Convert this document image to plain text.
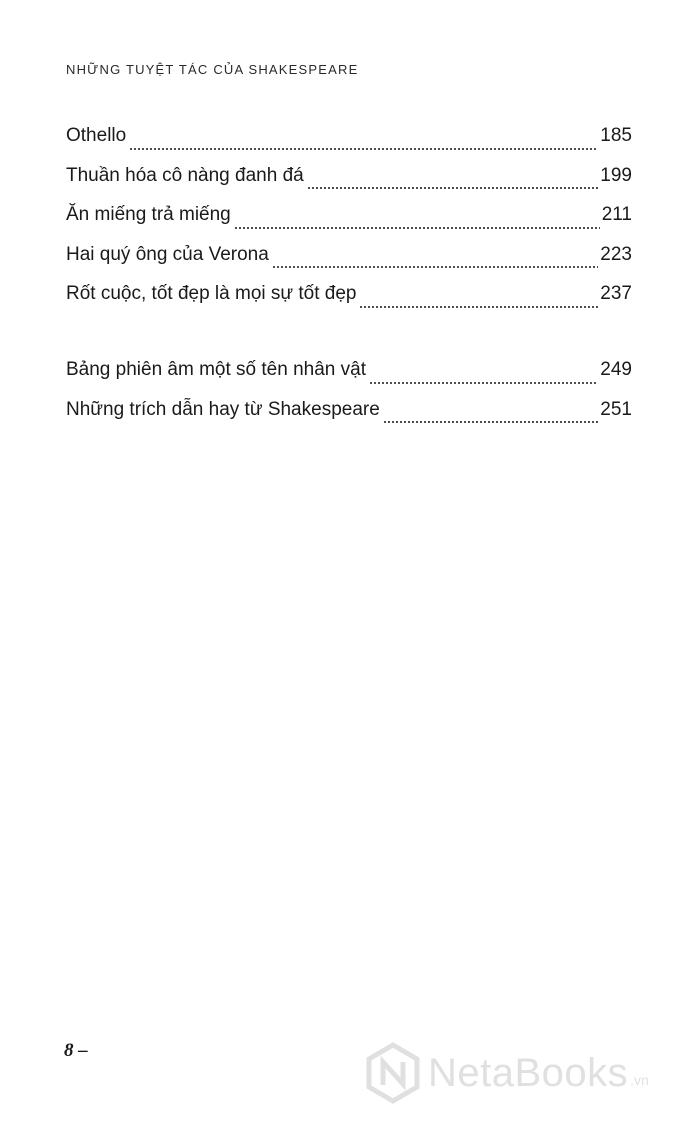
NHỮNG TUYỆT TÁC CỦA SHAKESPEARE
Othello	185
Thuần hóa cô nàng đanh đá	199
Ăn miếng trả miếng	211
Hai quý ông của Verona	223
Rốt cuộc, tốt đẹp là mọi sự tốt đẹp	237
Bảng phiên âm một số tên nhân vật	249
Những trích dẫn hay từ Shakespeare	251
8 –	NetaBooks .vn
